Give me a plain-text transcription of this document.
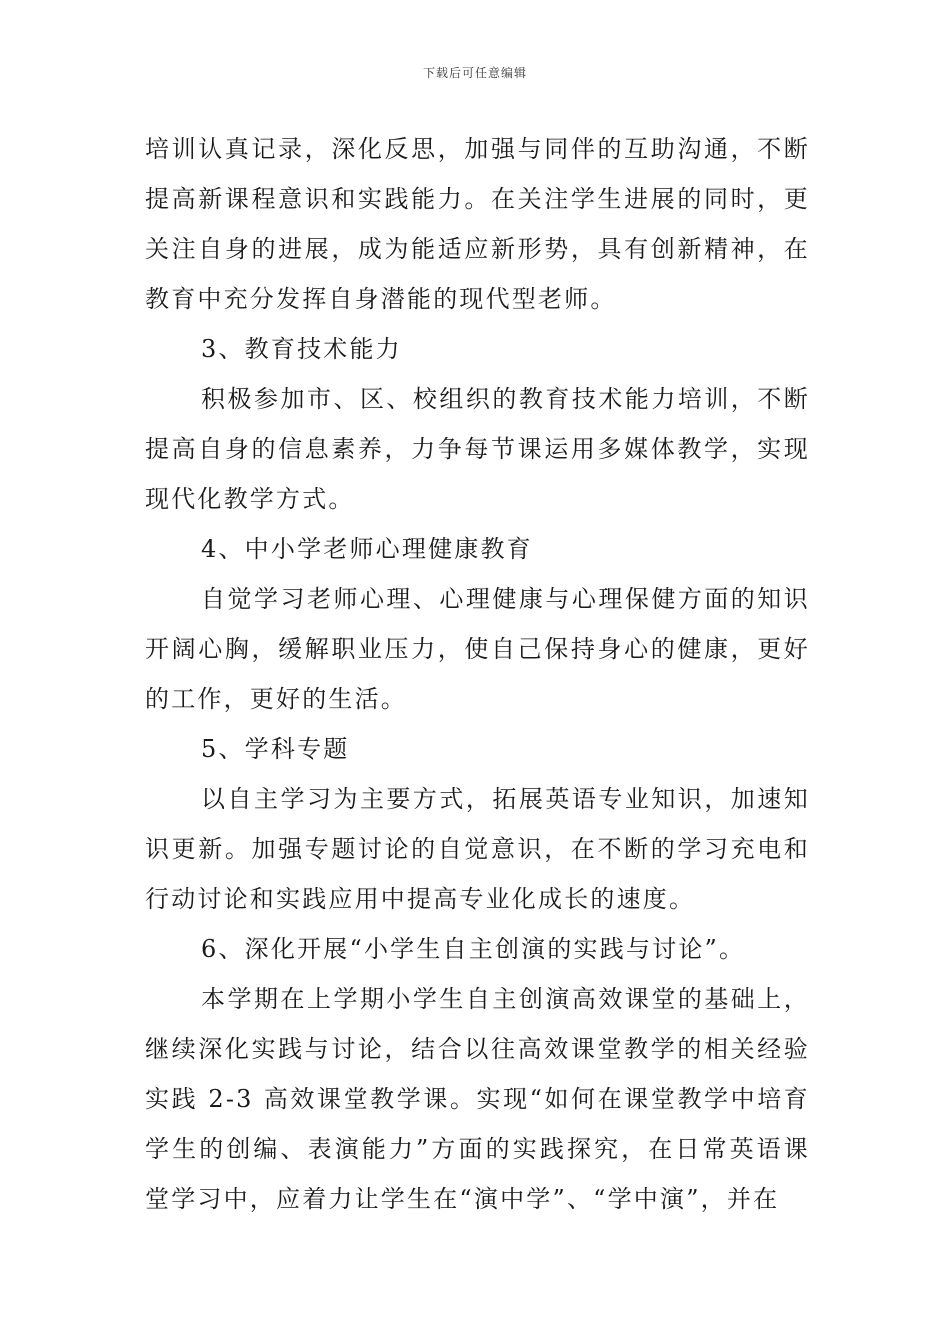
下载后可任意编辑

培训认真记录，深化反思，加强与同伴的互助沟通，不断提高新课程意识和实践能力。在关注学生进展的同时，更关注自身的进展，成为能适应新形势，具有创新精神，在教育中充分发挥自身潜能的现代型老师。

3、教育技术能力

积极参加市、区、校组织的教育技术能力培训，不断提高自身的信息素养，力争每节课运用多媒体教学，实现现代化教学方式。

4、中小学老师心理健康教育

自觉学习老师心理、心理健康与心理保健方面的知识开阔心胸，缓解职业压力，使自己保持身心的健康，更好的工作，更好的生活。

5、学科专题

以自主学习为主要方式，拓展英语专业知识，加速知识更新。加强专题讨论的自觉意识，在不断的学习充电和行动讨论和实践应用中提高专业化成长的速度。

6、深化开展“小学生自主创演的实践与讨论”。

本学期在上学期小学生自主创演高效课堂的基础上，继续深化实践与讨论，结合以往高效课堂教学的相关经验实践 2-3 高效课堂教学课。实现“如何在课堂教学中培育学生的创编、表演能力”方面的实践探究，在日常英语课堂学习中，应着力让学生在“演中学”、“学中演”，并在
